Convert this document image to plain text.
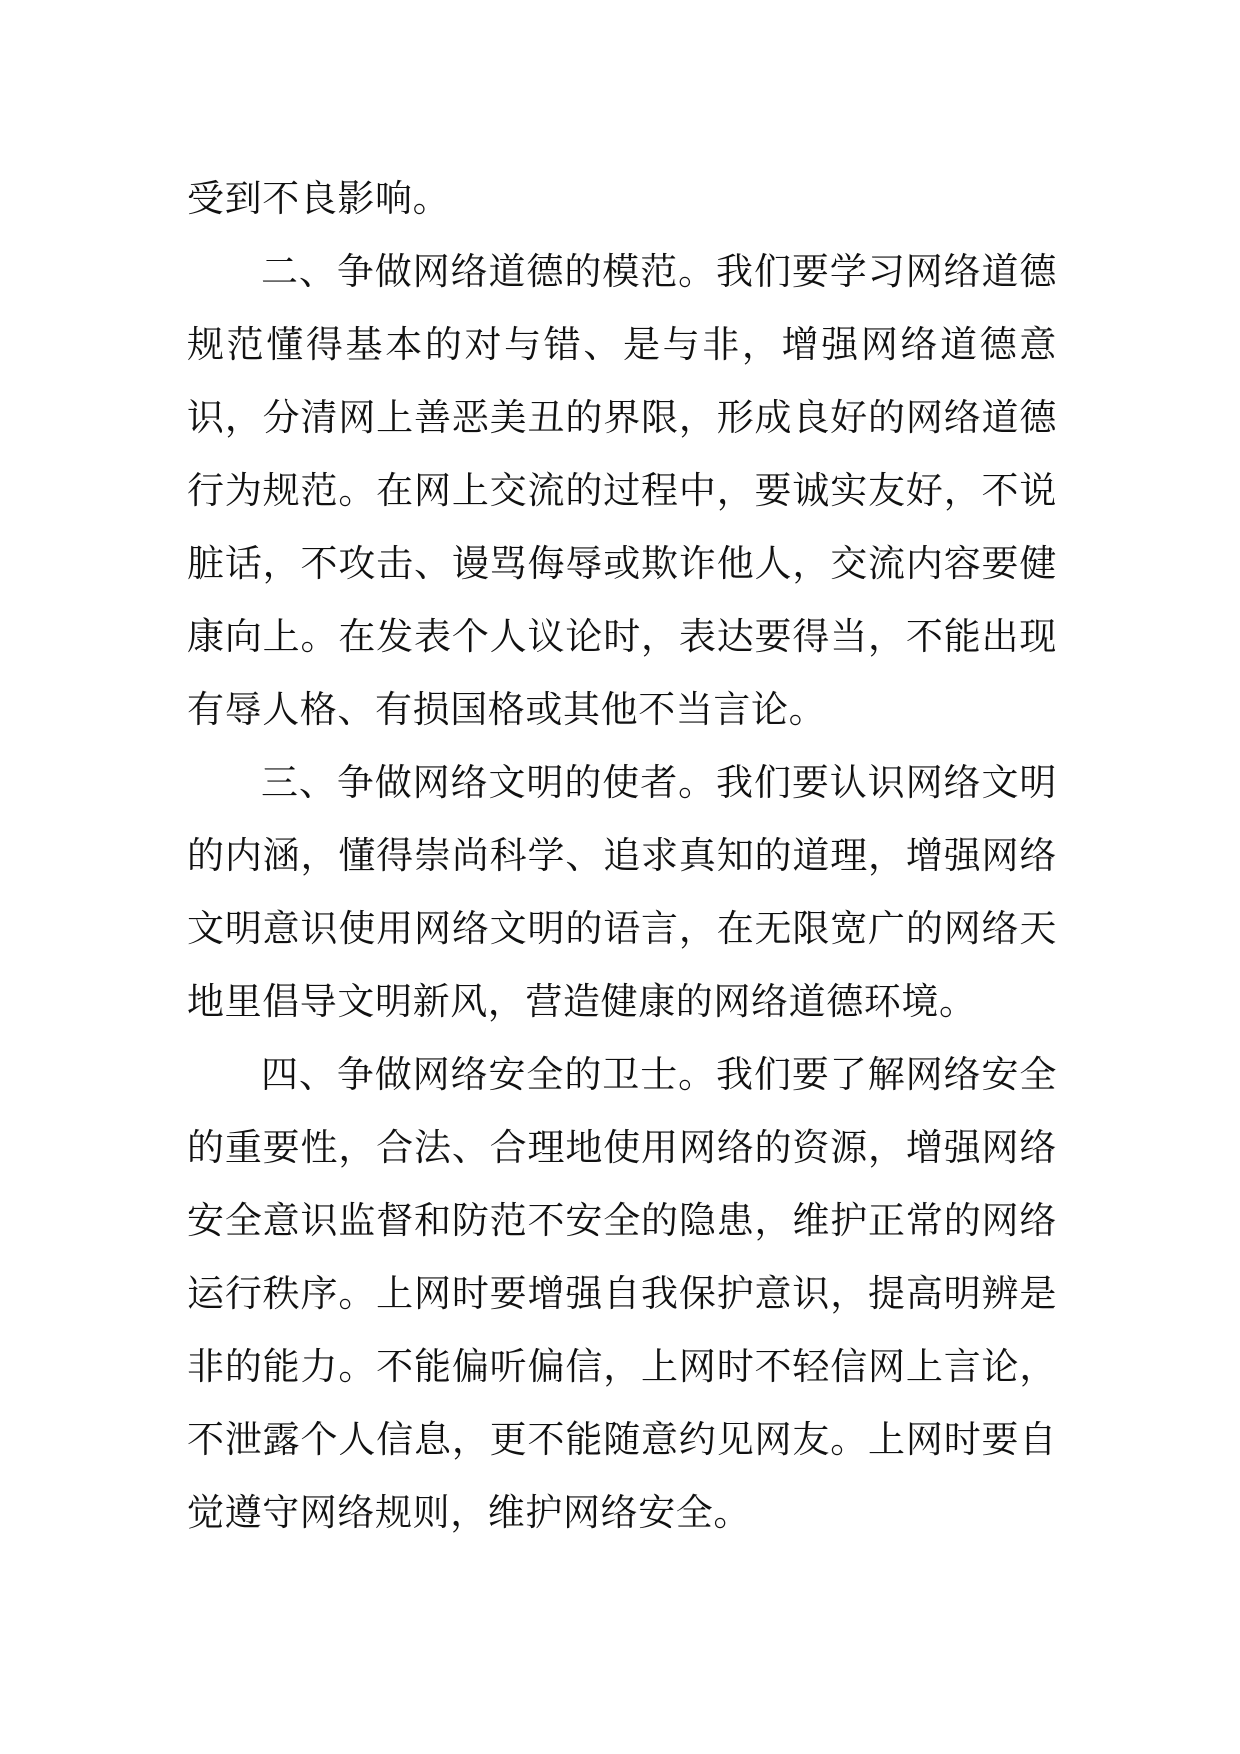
受到不良影响。

二、争做网络道德的模范。我们要学习网络道德规范懂得基本的对与错、是与非，增强网络道德意识，分清网上善恶美丑的界限，形成良好的网络道德行为规范。在网上交流的过程中，要诚实友好，不说脏话，不攻击、谩骂侮辱或欺诈他人，交流内容要健康向上。在发表个人议论时，表达要得当，不能出现有辱人格、有损国格或其他不当言论。

三、争做网络文明的使者。我们要认识网络文明的内涵，懂得崇尚科学、追求真知的道理，增强网络文明意识使用网络文明的语言，在无限宽广的网络天地里倡导文明新风，营造健康的网络道德环境。

四、争做网络安全的卫士。我们要了解网络安全的重要性，合法、合理地使用网络的资源，增强网络安全意识监督和防范不安全的隐患，维护正常的网络运行秩序。上网时要增强自我保护意识，提高明辨是非的能力。不能偏听偏信，上网时不轻信网上言论，不泄露个人信息，更不能随意约见网友。上网时要自觉遵守网络规则，维护网络安全。
